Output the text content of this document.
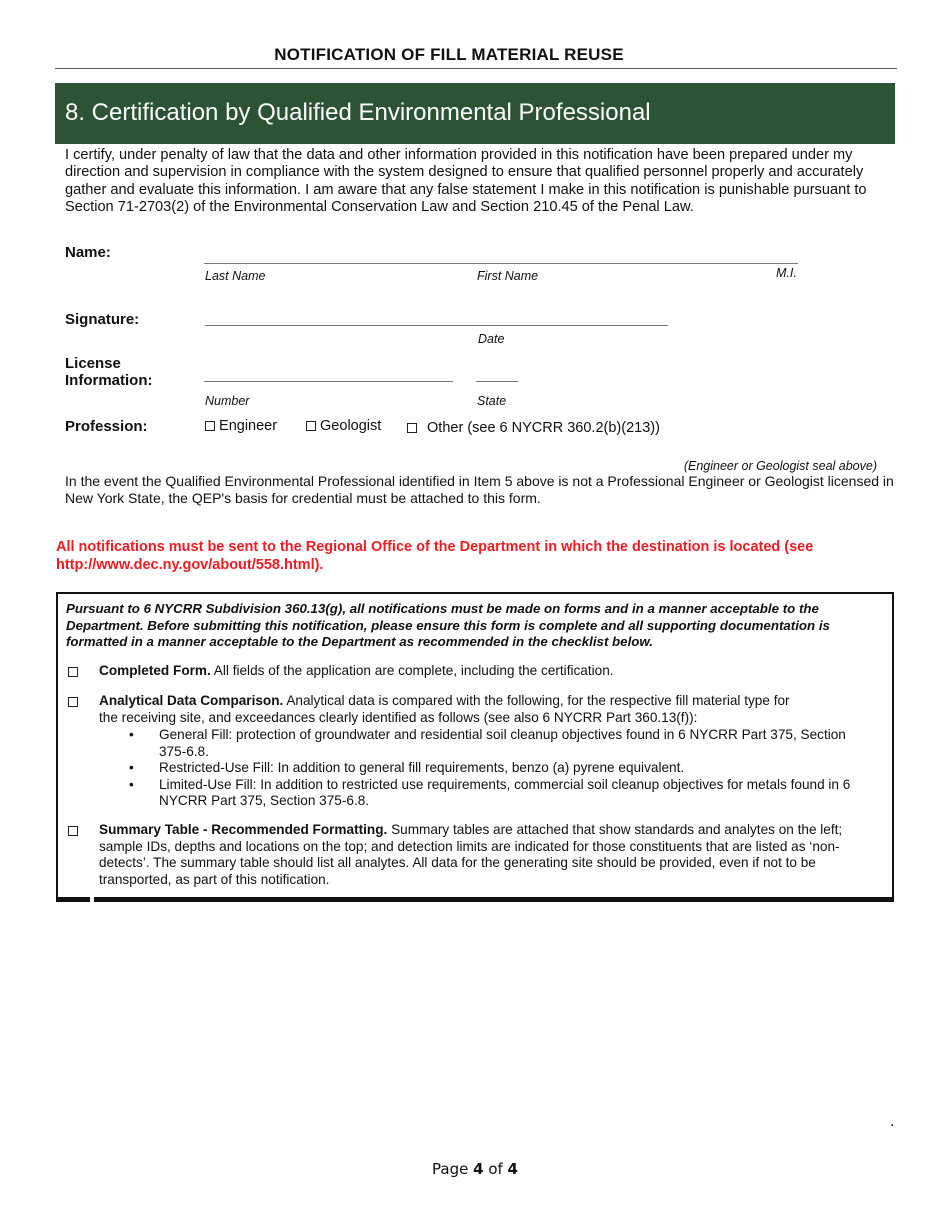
NOTIFICATION OF FILL MATERIAL REUSE
8. Certification by Qualified Environmental Professional
I certify, under penalty of law that the data and other information provided in this notification have been prepared under my direction and supervision in compliance with the system designed to ensure that qualified personnel properly and accurately gather and evaluate this information. I am aware that any false statement I make in this notification is punishable pursuant to Section 71-2703(2) of the Environmental Conservation Law and Section 210.45 of the Penal Law.
Name:
Last Name	First Name	M.I.
Signature:
Date
License
Information:
Number	State
Profession:	Engineer	Geologist	Other (see 6 NYCRR 360.2(b)(213))
(Engineer or Geologist seal above)
In the event the Qualified Environmental Professional identified in Item 5 above is not a Professional Engineer or Geologist licensed in New York State, the QEP's basis for credential must be attached to this form.
All notifications must be sent to the Regional Office of the Department in which the destination is located (see http://www.dec.ny.gov/about/558.html).
Pursuant to 6 NYCRR Subdivision 360.13(g), all notifications must be made on forms and in a manner acceptable to the Department. Before submitting this notification, please ensure this form is complete and all supporting documentation is formatted in a manner acceptable to the Department as recommended in the checklist below.
Completed Form. All fields of the application are complete, including the certification.
Analytical Data Comparison. Analytical data is compared with the following, for the respective fill material type for the receiving site, and exceedances clearly identified as follows (see also 6 NYCRR Part 360.13(f)):
• General Fill: protection of groundwater and residential soil cleanup objectives found in 6 NYCRR Part 375, Section 375-6.8.
• Restricted-Use Fill: In addition to general fill requirements, benzo (a) pyrene equivalent.
• Limited-Use Fill: In addition to restricted use requirements, commercial soil cleanup objectives for metals found in 6 NYCRR Part 375, Section 375-6.8.
Summary Table - Recommended Formatting. Summary tables are attached that show standards and analytes on the left; sample IDs, depths and locations on the top; and detection limits are indicated for those constituents that are listed as ‘non-detects’. The summary table should list all analytes. All data for the generating site should be provided, even if not to be transported, as part of this notification.
.
Page 4 of 4
